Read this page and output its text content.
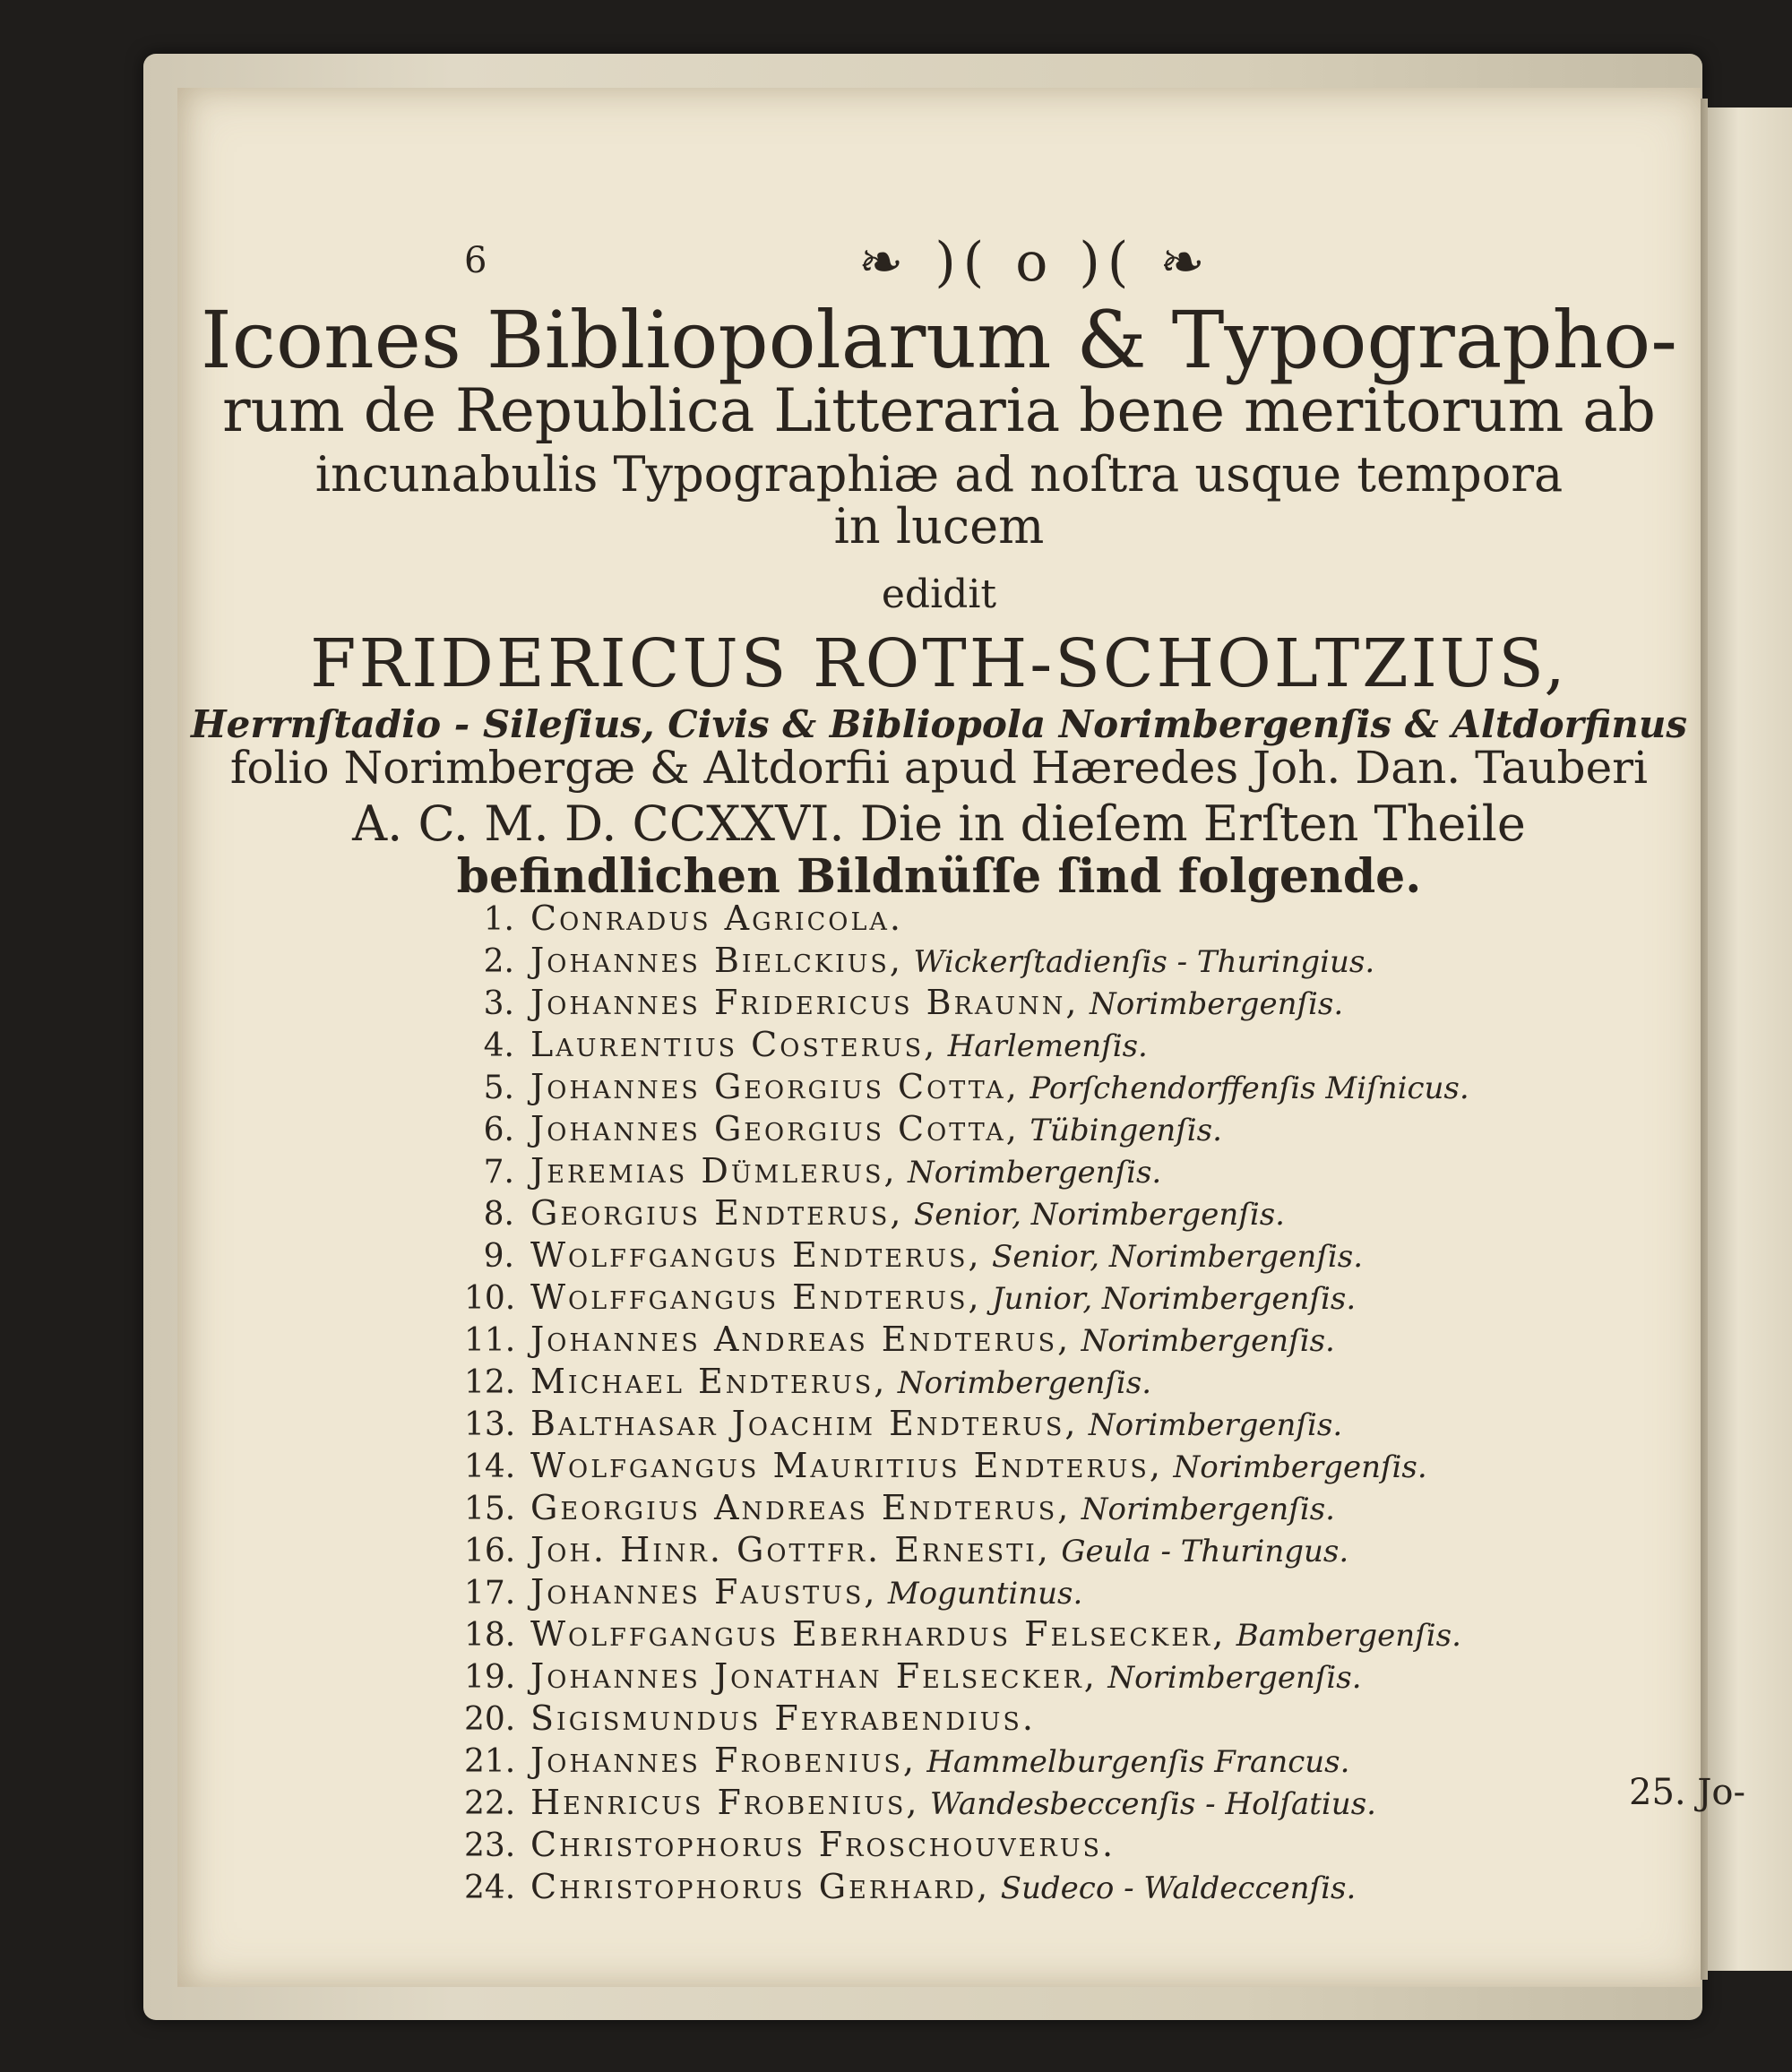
6	❧ )( o )( ❧
Icones Bibliopolarum & Typographo-
rum de Republica Litteraria bene meritorum ab
incunabulis Typographiæ ad noſtra usque tempora
in lucem
edidit
FRIDERICUS ROTH-SCHOLTZIUS,
Herrnſtadio - Sileſius, Civis & Bibliopola Norimbergenſis & Altdorfinus
folio Norimbergæ & Altdorfii apud Hæredes Joh. Dan. Tauberi
A. C. M. D. CCXXVI. Die in dieſem Erſten Theile
befindlichen Bildnüſſe ſind folgende.
1. Conradus Agricola.
2. Johannes Bielckius, Wickerſtadienſis - Thuringius.
3. Johannes Fridericus Braunn, Norimbergenſis.
4. Laurentius Costerus, Harlemenſis.
5. Johannes Georgius Cotta, Porſchendorffenſis Miſnicus.
6. Johannes Georgius Cotta, Tübingenſis.
7. Jeremias Dümlerus, Norimbergenſis.
8. Georgius Endterus, Senior, Norimbergenſis.
9. Wolffgangus Endterus, Senior, Norimbergenſis.
10. Wolffgangus Endterus, Junior, Norimbergenſis.
11. Johannes Andreas Endterus, Norimbergenſis.
12. Michael Endterus, Norimbergenſis.
13. Balthasar Joachim Endterus, Norimbergenſis.
14. Wolfgangus Mauritius Endterus, Norimbergenſis.
15. Georgius Andreas Endterus, Norimbergenſis.
16. Joh. Hinr. Gottfr. Ernesti, Geula - Thuringus.
17. Johannes Faustus, Moguntinus.
18. Wolffgangus Eberhardus Felsecker, Bambergenſis.
19. Johannes Jonathan Felsecker, Norimbergenſis.
20. Sigismundus Feyrabendius.
21. Johannes Frobenius, Hammelburgenſis Francus.
22. Henricus Frobenius, Wandesbeccenſis - Holſatius.
23. Christophorus Froschouverus.
24. Christophorus Gerhard, Sudeco - Waldeccenſis.
25. Jo-
